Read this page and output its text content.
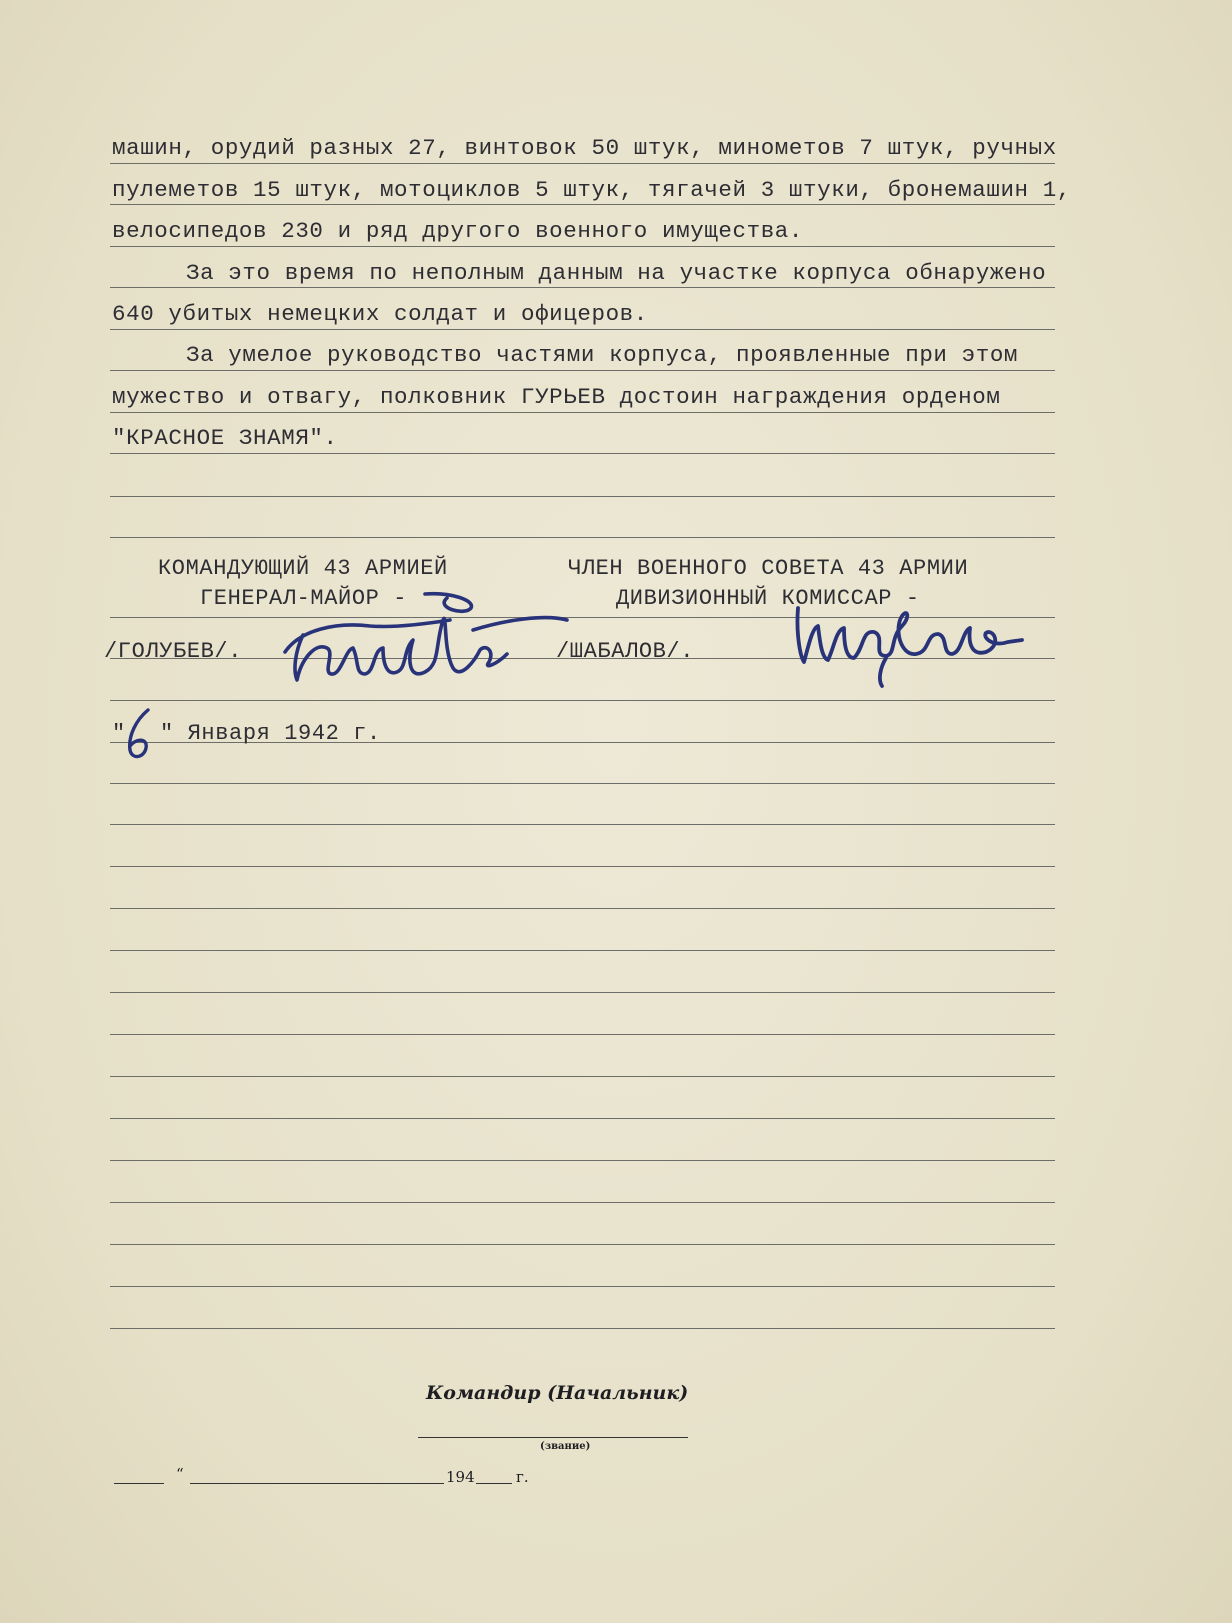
машин, орудий разных 27, винтовок 50 штук, минометов 7 штук, ручных
пулеметов 15 штук, мотоциклов 5 штук, тягачей 3 штуки, бронемашин 1,
велосипедов 230 и ряд другого военного имущества.
За это время по неполным данным на участке корпуса обнаружено
640 убитых немецких солдат и офицеров.
За умелое руководство частями корпуса, проявленные при этом
мужество и отвагу, полковник ГУРЬЕВ достоин награждения орденом
"КРАСНОЕ ЗНАМЯ".
КОМАНДУЮЩИЙ 43 АРМИЕЙ
ГЕНЕРАЛ-МАЙОР -
/ГОЛУБЕВ/.
ЧЛЕН ВОЕННОГО СОВЕТА 43 АРМИИ
ДИВИЗИОННЫЙ КОМИССАР -
/ШАБАЛОВ/.
" " Января 1942 г.
Командир (Начальник)
(звание)
“	194	г.
